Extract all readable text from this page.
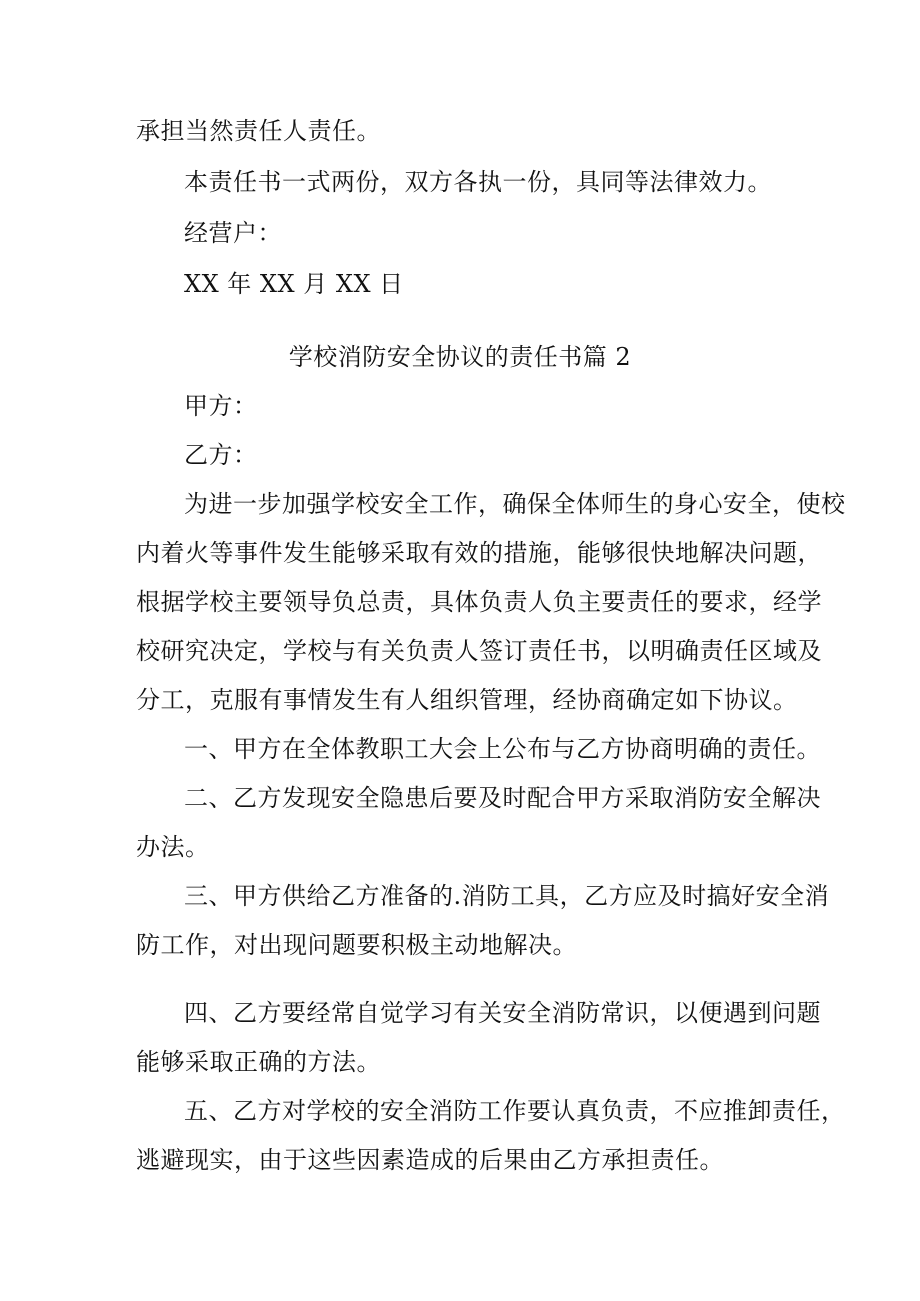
承担当然责任人责任。
本责任书一式两份，双方各执一份，具同等法律效力。
经营户：
XX 年 XX 月 XX 日
学校消防安全协议的责任书篇 2
甲方：
乙方：
为进一步加强学校安全工作，确保全体师生的身心安全，使校
内着火等事件发生能够采取有效的措施，能够很快地解决问题，
根据学校主要领导负总责，具体负责人负主要责任的要求，经学
校研究决定，学校与有关负责人签订责任书，以明确责任区域及
分工，克服有事情发生有人组织管理，经协商确定如下协议。
一、甲方在全体教职工大会上公布与乙方协商明确的责任。
二、乙方发现安全隐患后要及时配合甲方采取消防安全解决
办法。
三、甲方供给乙方准备的.消防工具，乙方应及时搞好安全消
防工作，对出现问题要积极主动地解决。
四、乙方要经常自觉学习有关安全消防常识，以便遇到问题
能够采取正确的方法。
五、乙方对学校的安全消防工作要认真负责，不应推卸责任，
逃避现实，由于这些因素造成的后果由乙方承担责任。
